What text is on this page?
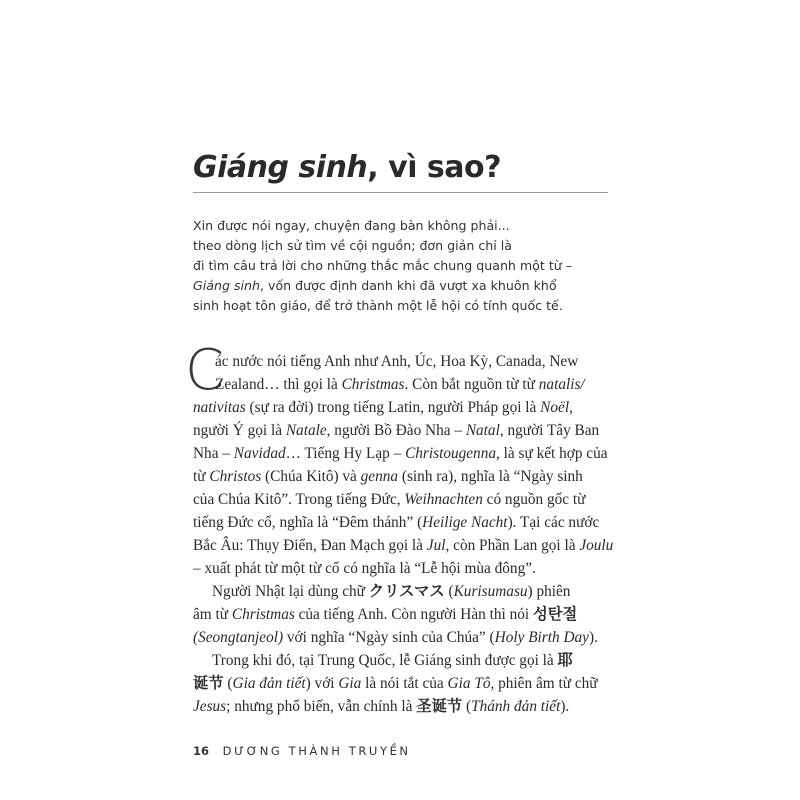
Giáng sinh, vì sao?
Xin được nói ngay, chuyện đang bàn không phải...
theo dòng lịch sử tìm về cội nguồn; đơn giản chỉ là
đi tìm câu trả lời cho những thắc mắc chung quanh một từ –
Giáng sinh, vốn được định danh khi đã vượt xa khuôn khổ
sinh hoạt tôn giáo, để trở thành một lễ hội có tính quốc tế.
C
ác nước nói tiếng Anh như Anh, Úc, Hoa Kỳ, Canada, New
Zealand… thì gọi là Christmas. Còn bắt nguồn từ từ natalis/
nativitas (sự ra đời) trong tiếng Latin, người Pháp gọi là Noël,
người Ý gọi là Natale, người Bồ Đào Nha – Natal, người Tây Ban
Nha – Navidad… Tiếng Hy Lạp – Christougenna, là sự kết hợp của
từ Christos (Chúa Kitô) và genna (sinh ra), nghĩa là “Ngày sinh
của Chúa Kitô”. Trong tiếng Đức, Weihnachten có nguồn gốc từ
tiếng Đức cổ, nghĩa là “Đêm thánh” (Heilige Nacht). Tại các nước
Bắc Âu: Thụy Điển, Đan Mạch gọi là Jul, còn Phần Lan gọi là Joulu
– xuất phát từ một từ cổ có nghĩa là “Lễ hội mùa đông”.
Người Nhật lại dùng chữ クリスマス (Kurisumasu) phiên
âm từ Christmas của tiếng Anh. Còn người Hàn thì nói 성탄절
(Seongtanjeol) với nghĩa “Ngày sinh của Chúa” (Holy Birth Day).
Trong khi đó, tại Trung Quốc, lễ Giáng sinh được gọi là 耶
诞节 (Gia đản tiết) với Gia là nói tắt của Gia Tô, phiên âm từ chữ
Jesus; nhưng phổ biến, vẫn chính là 圣诞节 (Thánh đản tiết).
16 DƯƠNG THÀNH TRUYỀN
